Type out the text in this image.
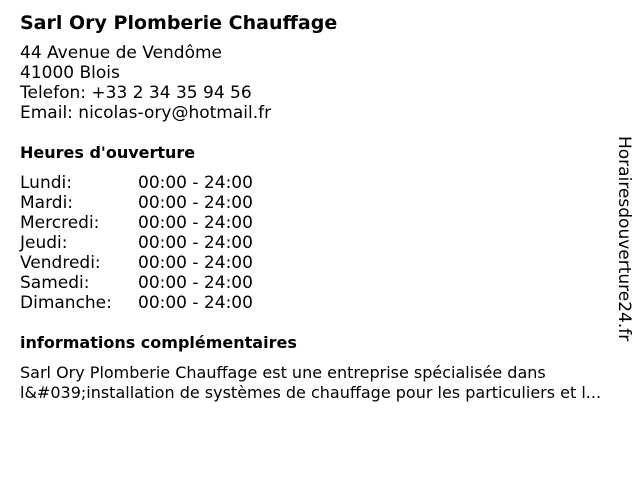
Sarl Ory Plomberie Chauffage
44 Avenue de Vendôme
41000 Blois
Telefon: +33 2 34 35 94 56
Email: nicolas-ory@hotmail.fr
Heures d'ouverture
Lundi:	00:00 - 24:00
Mardi:	00:00 - 24:00
Mercredi:	00:00 - 24:00
Jeudi:	00:00 - 24:00
Vendredi:	00:00 - 24:00
Samedi:	00:00 - 24:00
Dimanche:	00:00 - 24:00
informations complémentaires
Sarl Ory Plomberie Chauffage est une entreprise spécialisée dans l&#039;installation de systèmes de chauffage pour les particuliers et l...
Horairesdouverture24.fr
